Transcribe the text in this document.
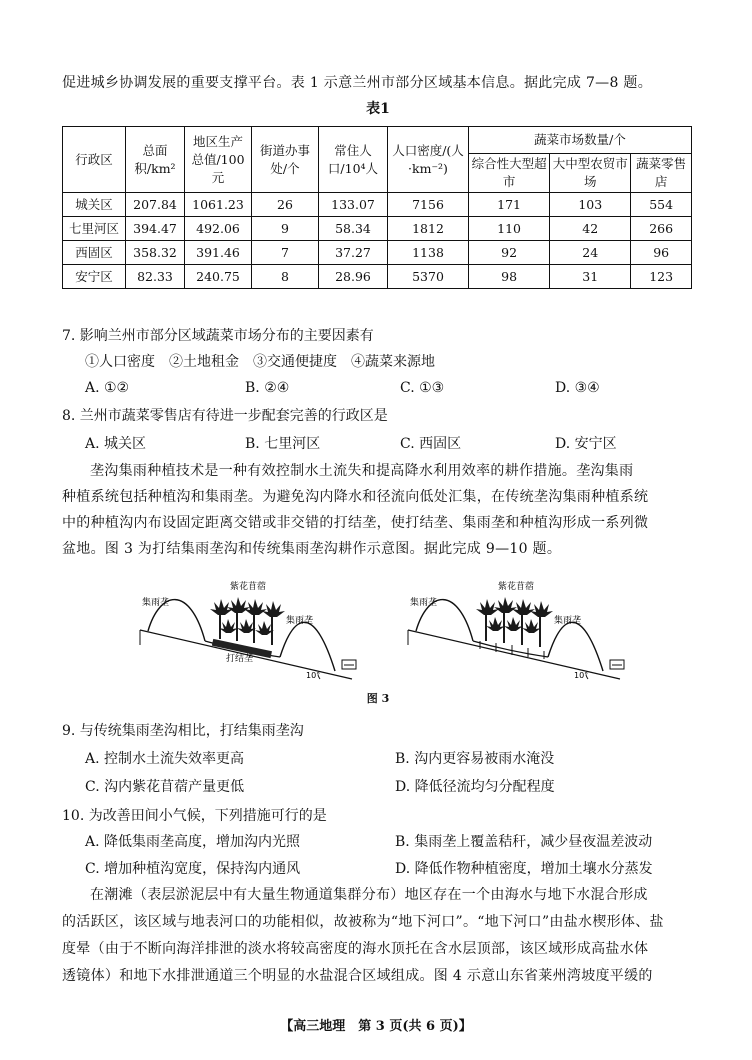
促进城乡协调发展的重要支撑平台。表 1 示意兰州市部分区域基本信息。据此完成 7—8 题。
表1
行政区	总面积/km²	地区生产总值/100元	街道办事处/个	常住人口/10⁴人	人口密度/(人·km⁻²)	蔬菜市场数量/个		
						综合性大型超市	大中型农贸市场	蔬菜零售店
城关区	207.84	1061.23	26	133.07	7156	171	103	554
七里河区	394.47	492.06	9	58.34	1812	110	42	266
西固区	358.32	391.46	7	37.27	1138	92	24	96
安宁区	82.33	240.75	8	28.96	5370	98	31	123
7. 影响兰州市部分区域蔬菜市场分布的主要因素有
①人口密度　②土地租金　③交通便捷度　④蔬菜来源地
A. ①②	B. ②④	C. ①③	D. ③④
8. 兰州市蔬菜零售店有待进一步配套完善的行政区是
A. 城关区	B. 七里河区	C. 西固区	D. 安宁区
垄沟集雨种植技术是一种有效控制水土流失和提高降水利用效率的耕作措施。垄沟集雨
种植系统包括种植沟和集雨垄。为避免沟内降水和径流向低处汇集，在传统垄沟集雨种植系统
中的种植沟内布设固定距离交错或非交错的打结垄，使打结垄、集雨垄和种植沟形成一系列微
盆地。图 3 为打结集雨垄沟和传统集雨垄沟耕作示意图。据此完成 9—10 题。
集雨垄
紫花苜蓿
集雨垄
打结垄
10°
集雨垄
紫花苜蓿
集雨垄
10°
图 3
9. 与传统集雨垄沟相比，打结集雨垄沟
A. 控制水土流失效率更高	B. 沟内更容易被雨水淹没
C. 沟内紫花苜蓿产量更低	D. 降低径流均匀分配程度
10. 为改善田间小气候，下列措施可行的是
A. 降低集雨垄高度，增加沟内光照	B. 集雨垄上覆盖秸秆，减少昼夜温差波动
C. 增加种植沟宽度，保持沟内通风	D. 降低作物种植密度，增加土壤水分蒸发
在潮滩（表层淤泥层中有大量生物通道集群分布）地区存在一个由海水与地下水混合形成
的活跃区，该区域与地表河口的功能相似，故被称为“地下河口”。“地下河口”由盐水楔形体、盐
度晕（由于不断向海洋排泄的淡水将较高密度的海水顶托在含水层顶部，该区域形成高盐水体
透镜体）和地下水排泄通道三个明显的水盐混合区域组成。图 4 示意山东省莱州湾坡度平缓的
【高三地理　第 3 页(共 6 页)】
